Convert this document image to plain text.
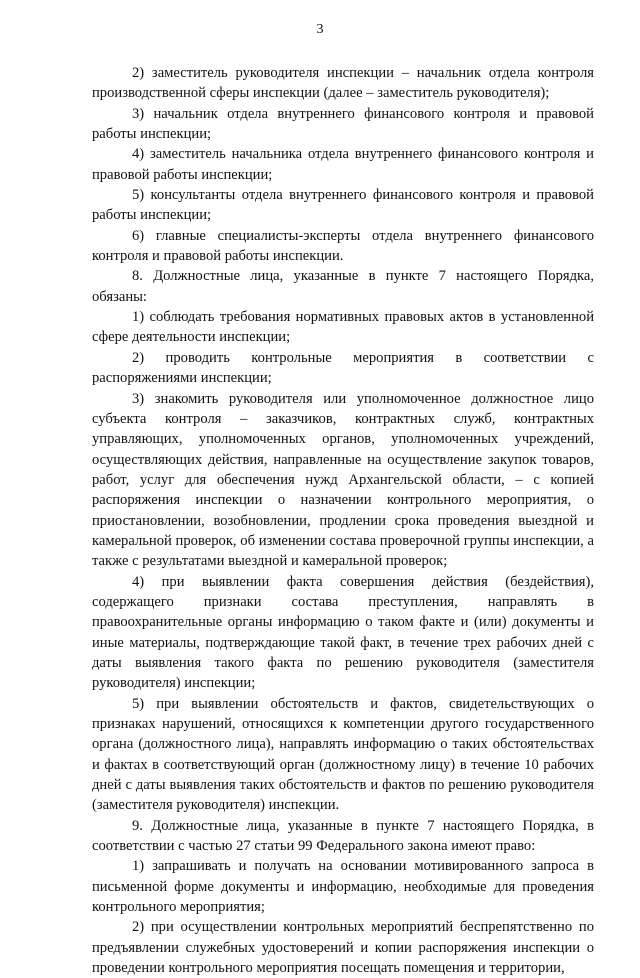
3

2) заместитель руководителя инспекции – начальник отдела контроля производственной сферы инспекции (далее – заместитель руководителя);

3) начальник отдела внутреннего финансового контроля и правовой работы инспекции;

4) заместитель начальника отдела внутреннего финансового контроля и правовой работы инспекции;

5) консультанты отдела внутреннего финансового контроля и правовой работы инспекции;

6) главные специалисты-эксперты отдела внутреннего финансового контроля и правовой работы инспекции.

8. Должностные лица, указанные в пункте 7 настоящего Порядка, обязаны:

1) соблюдать требования нормативных правовых актов в установленной сфере деятельности инспекции;

2) проводить контрольные мероприятия в соответствии с распоряжениями инспекции;

3) знакомить руководителя или уполномоченное должностное лицо субъекта контроля – заказчиков, контрактных служб, контрактных управляющих, уполномоченных органов, уполномоченных учреждений, осуществляющих действия, направленные на осуществление закупок товаров, работ, услуг для обеспечения нужд Архангельской области, – с копией распоряжения инспекции о назначении контрольного мероприятия, о приостановлении, возобновлении, продлении срока проведения выездной и камеральной проверок, об изменении состава проверочной группы инспекции, а также с результатами выездной и камеральной проверок;

4) при выявлении факта совершения действия (бездействия), содержащего признаки состава преступления, направлять в правоохранительные органы информацию о таком факте и (или) документы и иные материалы, подтверждающие такой факт, в течение трех рабочих дней с даты выявления такого факта по решению руководителя (заместителя руководителя) инспекции;

5) при выявлении обстоятельств и фактов, свидетельствующих о признаках нарушений, относящихся к компетенции другого государственного органа (должностного лица), направлять информацию о таких обстоятельствах и фактах в соответствующий орган (должностному лицу) в течение 10 рабочих дней с даты выявления таких обстоятельств и фактов по решению руководителя (заместителя руководителя) инспекции.

9. Должностные лица, указанные в пункте 7 настоящего Порядка, в соответствии с частью 27 статьи 99 Федерального закона имеют право:

1) запрашивать и получать на основании мотивированного запроса в письменной форме документы и информацию, необходимые для проведения контрольного мероприятия;

2) при осуществлении контрольных мероприятий беспрепятственно по предъявлении служебных удостоверений и копии распоряжения инспекции о проведении контрольного мероприятия посещать помещения и территории,
